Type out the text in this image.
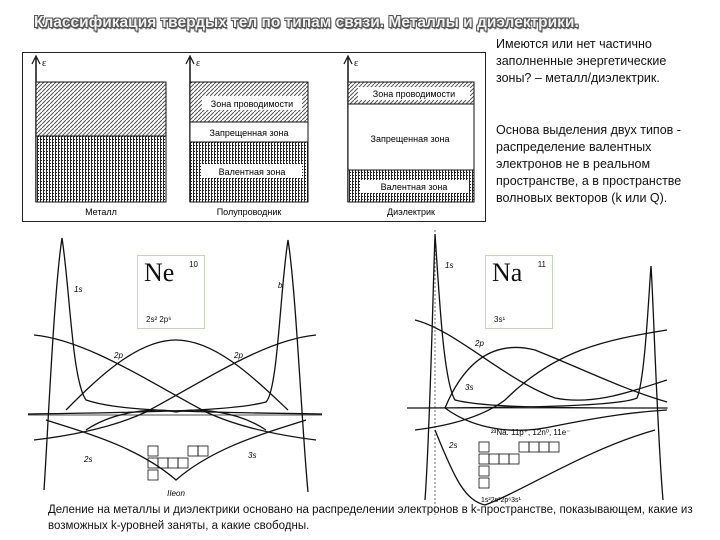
Классификация твердых тел по типам связи. Металлы и диэлектрики.
Имеются или нет частично заполненные энергетические зоны? – металл/диэлектрик.
Основа выделения двух типов - распределение валентных электронов не в реальном пространстве, а в пространстве волновых векторов (k или Q).
ε
Металл
ε
Зона проводимости
Запрещенная зона
Валентная зона
Полупроводник
ε
Зона проводимости
Запрещенная зона
Валентная зона
Диэлектрик
1s	b
2p	2p
2s	3s
IIeon
Ne 10
2s² 2p⁶
1s
2p
3s
2s
²³Na. 11p⁺, 12n⁰, 11e⁻
1s²2s²2p⁶3s¹
Na 11
3s¹
Деление на металлы и диэлектрики основано на распределении электронов в k-пространстве, показывающем, какие из возможных k-уровней заняты, а какие свободны.
